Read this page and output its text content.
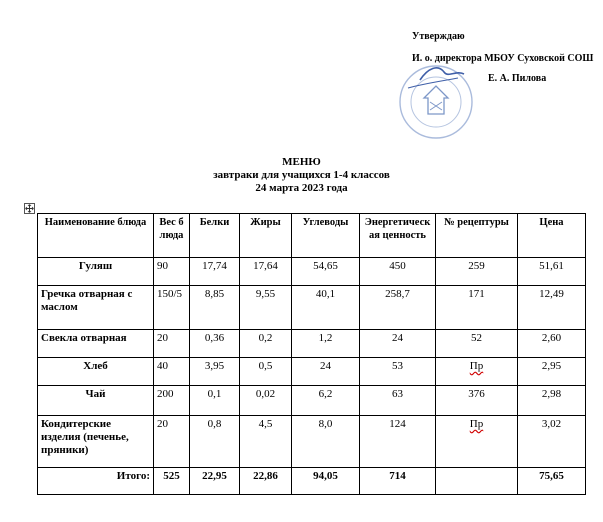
Утверждаю
И. о. директора МБОУ Суховской СОШ
Е. А. Пилова
МЕНЮ
завтраки для учащихся 1-4 классов
24 марта 2023 года
Наименование блюда	Вес блюда	Белки	Жиры	Углеводы	Энергетическая ценность	№ рецептуры	Цена
Гуляш	90	17,74	17,64	54,65	450	259	51,61
Гречка отварная с маслом	150/5	8,85	9,55	40,1	258,7	171	12,49
Свекла отварная	20	0,36	0,2	1,2	24	52	2,60
Хлеб	40	3,95	0,5	24	53	Пр	2,95
Чай	200	0,1	0,02	6,2	63	376	2,98
Кондитерские изделия (печенье, пряники)	20	0,8	4,5	8,0	124	Пр	3,02
Итого:	525	22,95	22,86	94,05	714		75,65
